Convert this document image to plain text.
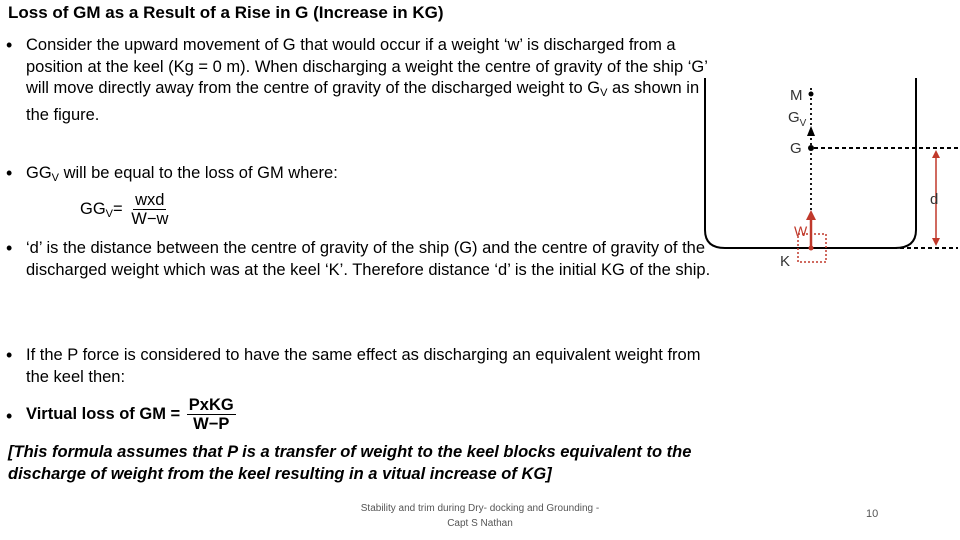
Loss of GM as a Result of a Rise in G (Increase in KG)
• Consider the upward movement of G that would occur if a weight ‘w’ is discharged from a position at the keel (Kg = 0 m). When discharging a weight the centre of gravity of the ship ‘G’ will move directly away from the centre of gravity of the discharged weight to $G_V$ as shown in the figure.
• $GG_V$ will be equal to the loss of GM where:
$GG_V= \frac{\text{wxd}}{W-w}$
• ‘d’ is the distance between the centre of gravity of the ship (G) and the centre of gravity of the discharged weight which was at the keel ‘K’. Therefore distance ‘d’ is the initial KG of the ship.
• If the P force is considered to have the same effect as discharging an equivalent weight from the keel then:
• Virtual loss of GM = $\frac{\text{PxKG}}{W-P}$
[This formula assumes that P is a transfer of weight to the keel blocks equivalent to the discharge of weight from the keel resulting in a vitual increase of KG]
Stability and trim during Dry- docking and Grounding -
Capt S Nathan
10
M
$G_V$
G
d
W
K
